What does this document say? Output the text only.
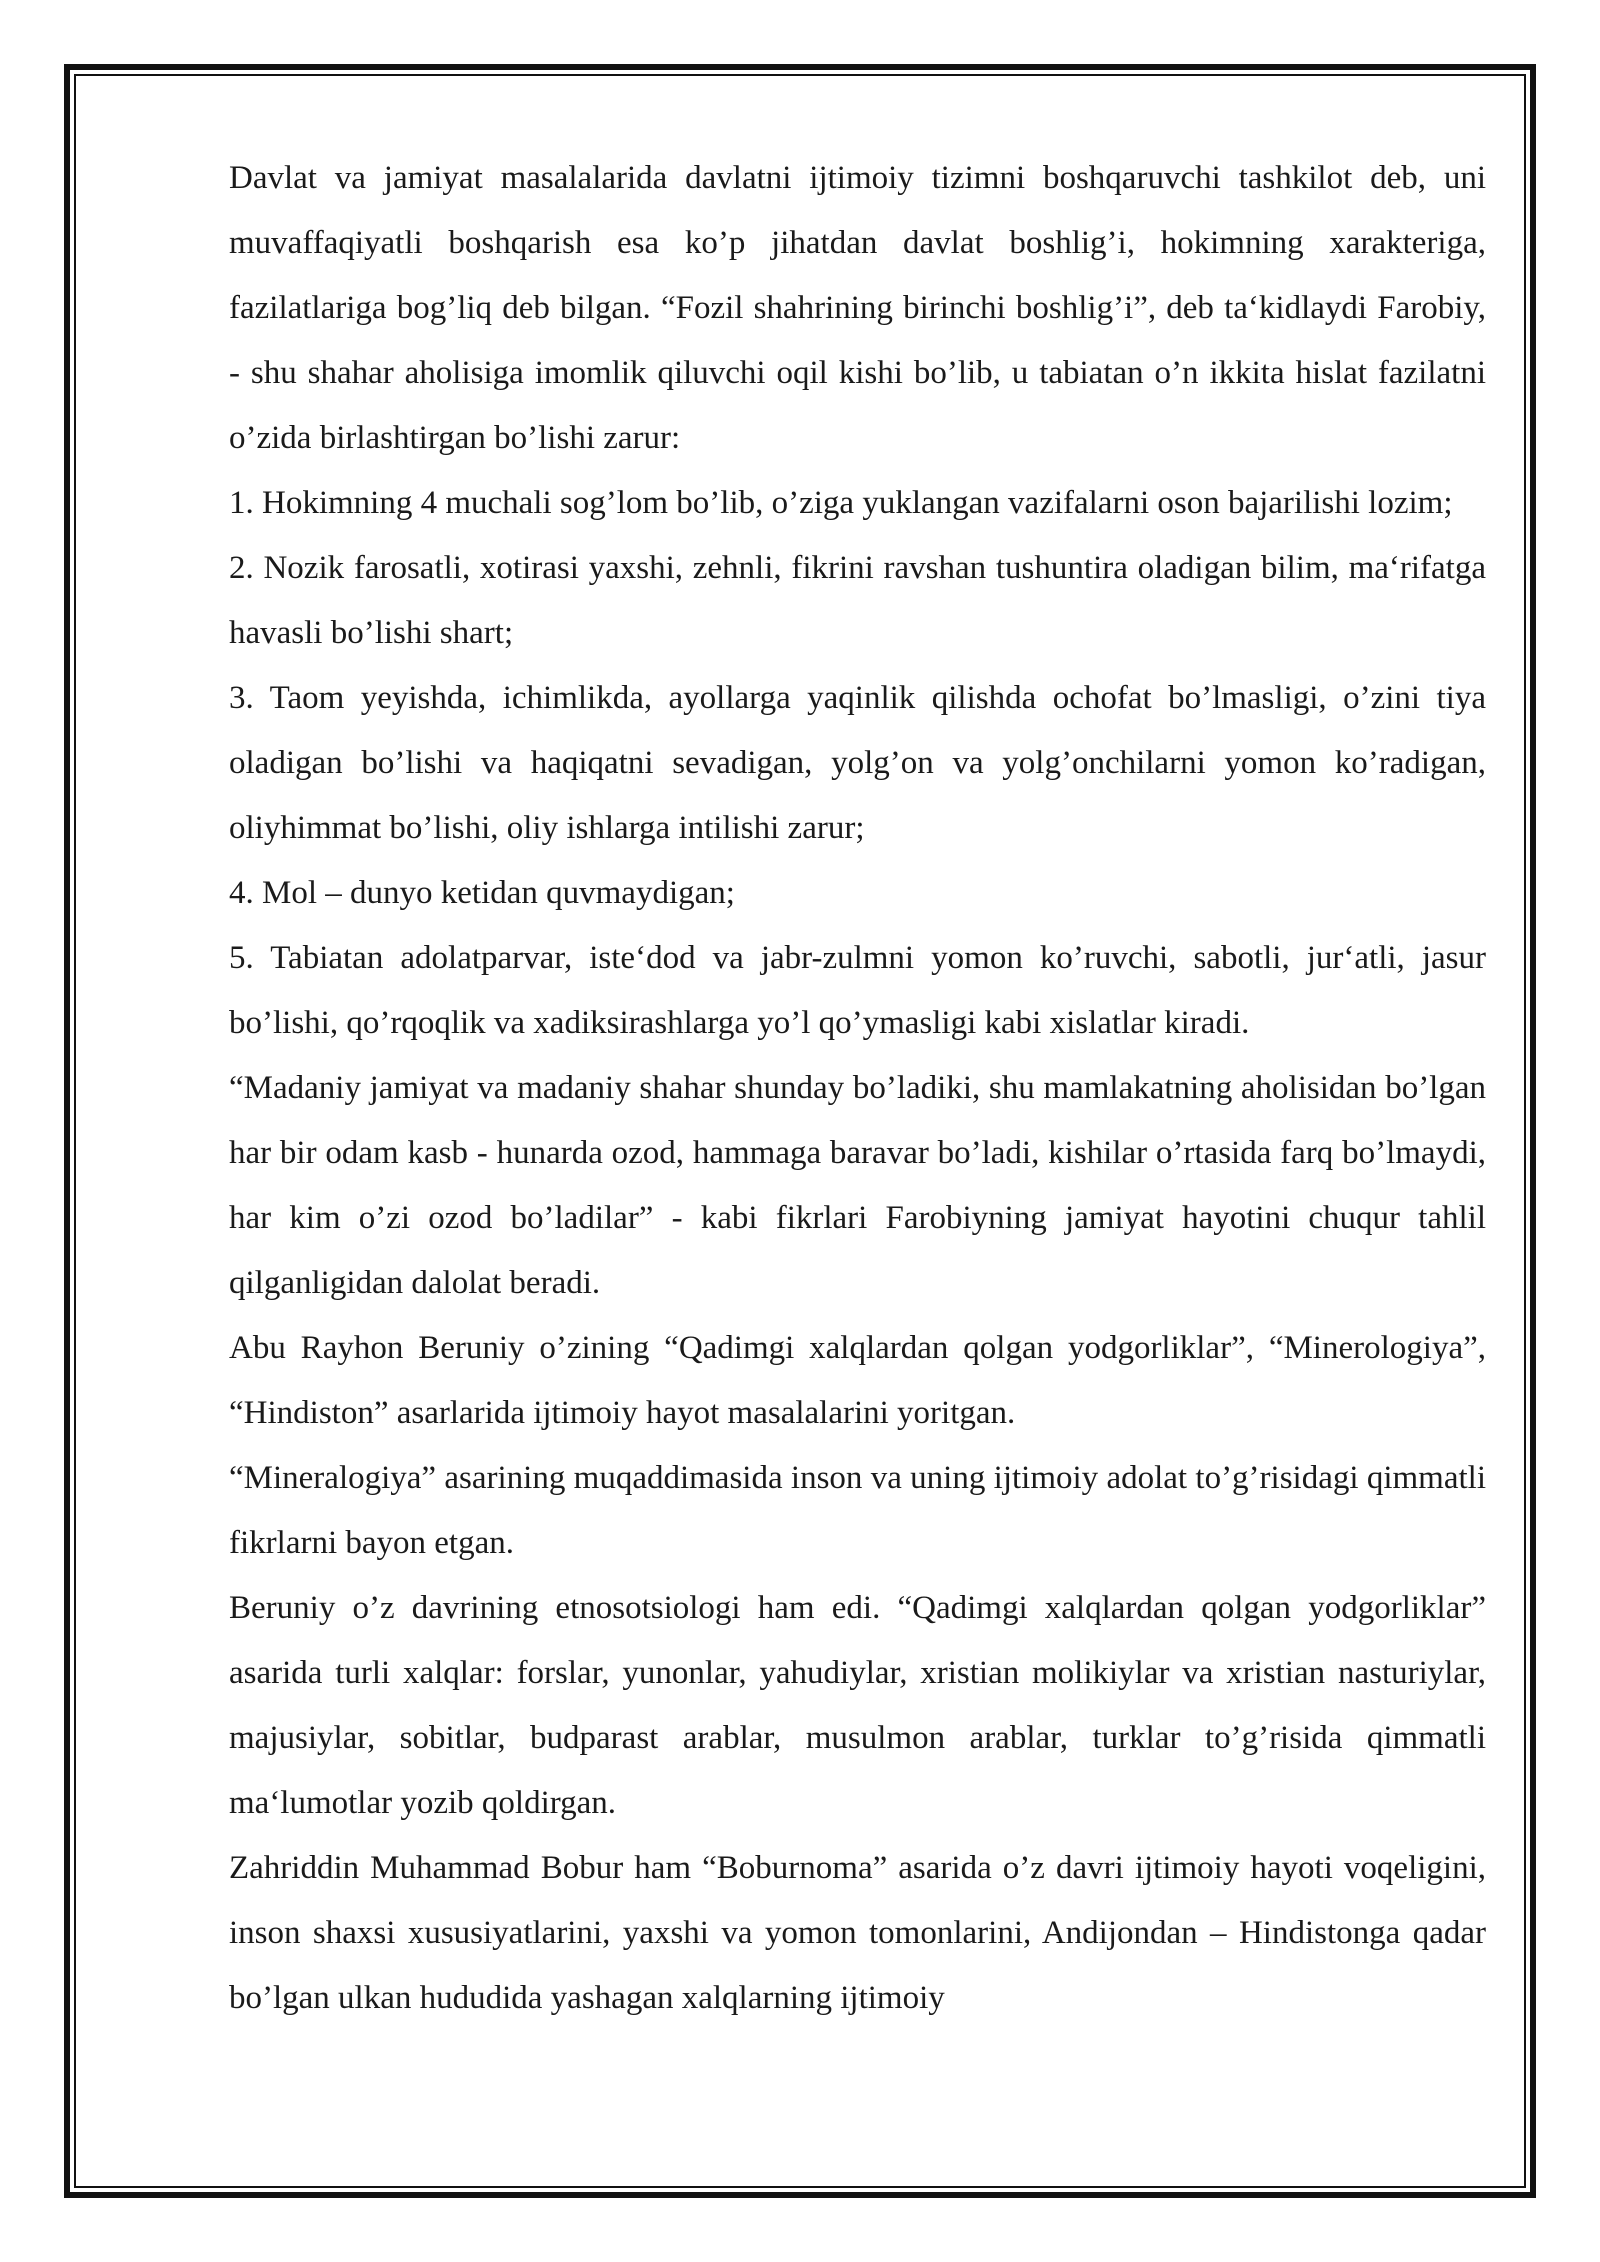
Davlat va jamiyat masalalarida davlatni ijtimoiy tizimni boshqaruvchi tashkilot deb, uni muvaffaqiyatli boshqarish esa ko’p jihatdan davlat boshlig’i, hokimning xarakteriga, fazilatlariga bog’liq deb bilgan. “Fozil shahrining birinchi boshlig’i”, deb ta‘kidlaydi Farobiy, - shu shahar aholisiga imomlik qiluvchi oqil kishi bo’lib, u tabiatan o’n ikkita hislat fazilatni o’zida birlashtirgan bo’lishi zarur:

1. Hokimning 4 muchali sog’lom bo’lib, o’ziga yuklangan vazifalarni oson bajarilishi lozim;

2. Nozik farosatli, xotirasi yaxshi, zehnli, fikrini ravshan tushuntira oladigan bilim, ma‘rifatga havasli bo’lishi shart;

3. Taom yeyishda, ichimlikda, ayollarga yaqinlik qilishda ochofat bo’lmasligi, o’zini tiya oladigan bo’lishi va haqiqatni sevadigan, yolg’on va yolg’onchilarni yomon ko’radigan, oliyhimmat bo’lishi, oliy ishlarga intilishi zarur;

4. Mol – dunyo ketidan quvmaydigan;

5. Tabiatan adolatparvar, iste‘dod va jabr-zulmni yomon ko’ruvchi, sabotli, jur‘atli, jasur bo’lishi, qo’rqoqlik va xadiksirashlarga yo’l qo’ymasligi kabi xislatlar kiradi.

“Madaniy jamiyat va madaniy shahar shunday bo’ladiki, shu mamlakatning aholisidan bo’lgan har bir odam kasb - hunarda ozod, hammaga baravar bo’ladi, kishilar o’rtasida farq bo’lmaydi, har kim o’zi ozod bo’ladilar” - kabi fikrlari Farobiyning jamiyat hayotini chuqur tahlil qilganligidan dalolat beradi.

Abu Rayhon Beruniy o’zining “Qadimgi xalqlardan qolgan yodgorliklar”, “Minerologiya”, “Hindiston” asarlarida ijtimoiy hayot masalalarini yoritgan.

“Mineralogiya” asarining muqaddimasida inson va uning ijtimoiy adolat to’g’risidagi qimmatli fikrlarni bayon etgan.

Beruniy o’z davrining etnosotsiologi ham edi. “Qadimgi xalqlardan qolgan yodgorliklar” asarida turli xalqlar: forslar, yunonlar, yahudiylar, xristian molikiylar va xristian nasturiylar, majusiylar, sobitlar, budparast arablar, musulmon arablar, turklar to’g’risida qimmatli ma‘lumotlar yozib qoldirgan.

Zahriddin Muhammad Bobur ham “Boburnoma” asarida o’z davri ijtimoiy hayoti voqeligini, inson shaxsi xususiyatlarini, yaxshi va yomon tomonlarini, Andijondan – Hindistonga qadar bo’lgan ulkan hududida yashagan xalqlarning ijtimoiy
